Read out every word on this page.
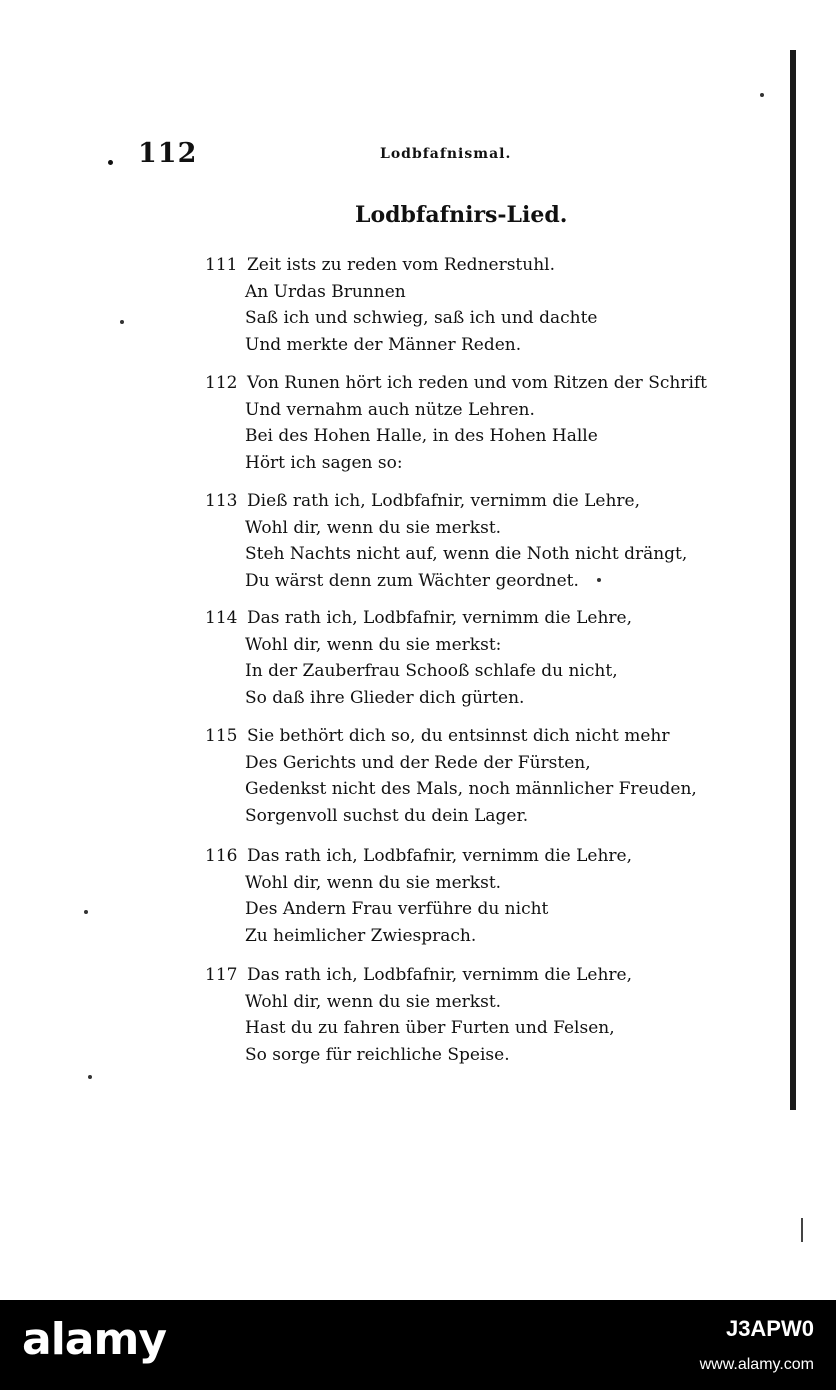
112	Lodbfafnismal.
Lodbfafnirs-Lied.
111 Zeit ists zu reden vom Rednerstuhl.
An Urdas Brunnen
Saß ich und schwieg, saß ich und dachte
Und merkte der Männer Reden.
112 Von Runen hört ich reden und vom Ritzen der Schrift
Und vernahm auch nütze Lehren.
Bei des Hohen Halle, in des Hohen Halle
Hört ich sagen so:
113 Dieß rath ich, Lodbfafnir, vernimm die Lehre,
Wohl dir, wenn du sie merkst.
Steh Nachts nicht auf, wenn die Noth nicht drängt,
Du wärst denn zum Wächter geordnet.
114 Das rath ich, Lodbfafnir, vernimm die Lehre,
Wohl dir, wenn du sie merkst:
In der Zauberfrau Schooß schlafe du nicht,
So daß ihre Glieder dich gürten.
115 Sie bethört dich so, du entsinnst dich nicht mehr
Des Gerichts und der Rede der Fürsten,
Gedenkst nicht des Mals, noch männlicher Freuden,
Sorgenvoll suchst du dein Lager.
116 Das rath ich, Lodbfafnir, vernimm die Lehre,
Wohl dir, wenn du sie merkst.
Des Andern Frau verführe du nicht
Zu heimlicher Zwiesprach.
117 Das rath ich, Lodbfafnir, vernimm die Lehre,
Wohl dir, wenn du sie merkst.
Hast du zu fahren über Furten und Felsen,
So sorge für reichliche Speise.
alamy	J3APW0
www.alamy.com
